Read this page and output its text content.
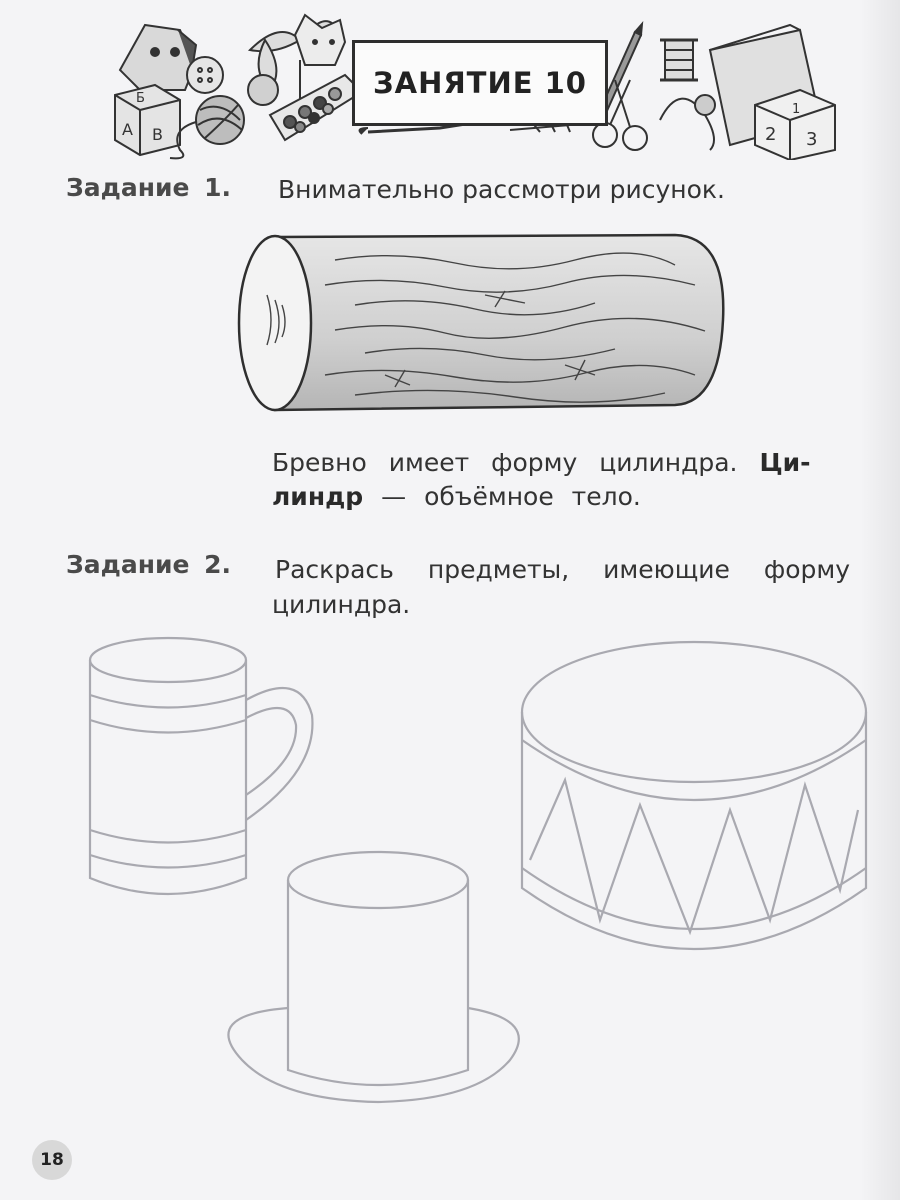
А В
Б
2 3
1
ЗАНЯТИЕ 10
Задание 1. Внимательно рассмотри рисунок.
Бревно имеет форму цилиндра. Ци-
линдр — объёмное тело.
Задание 2. Раскрась предметы, имеющие форму
цилиндра.
18
